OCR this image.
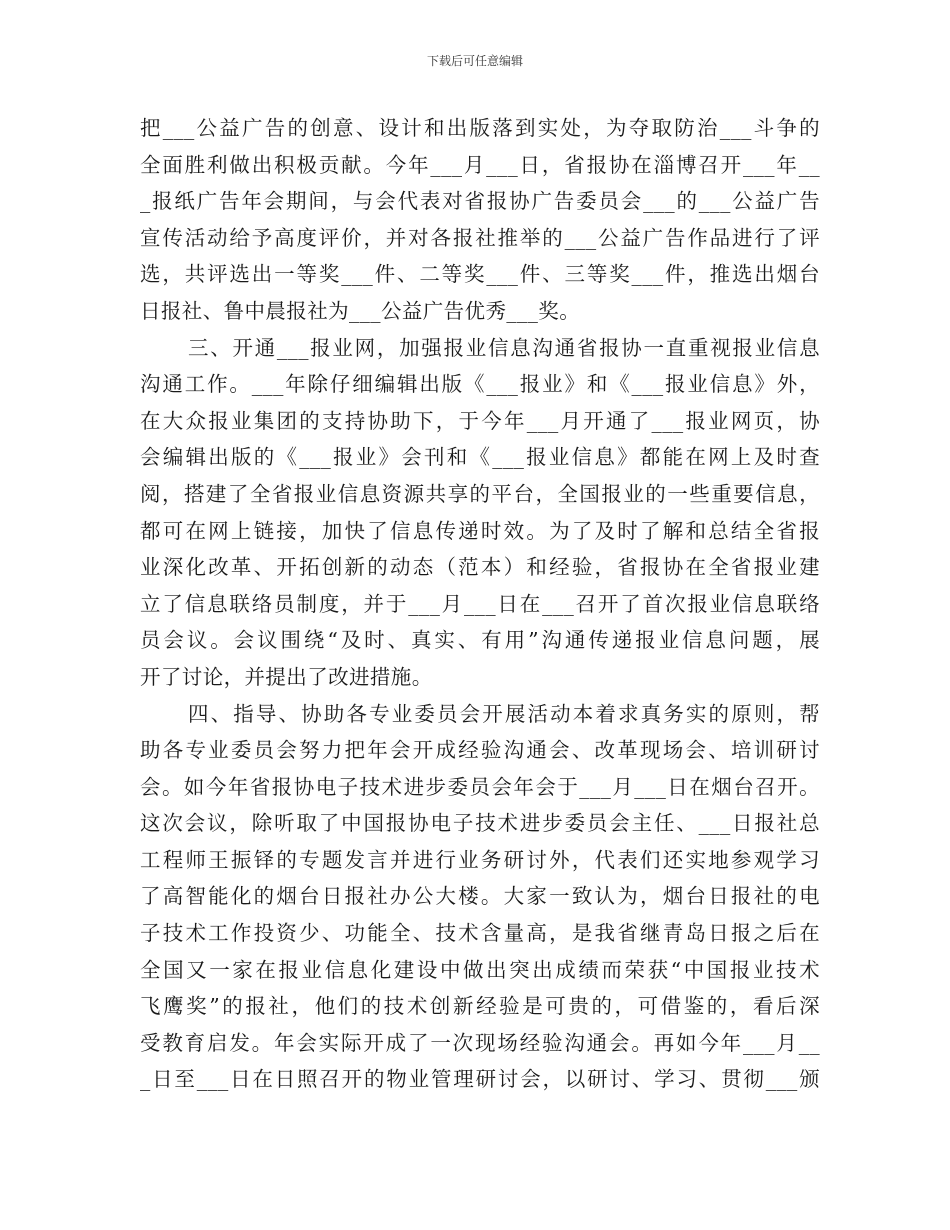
下载后可任意编辑
把___公益广告的创意、设计和出版落到实处，为夺取防治___斗争的
全面胜利做出积极贡献。今年___月___日，省报协在淄博召开___年__
_报纸广告年会期间，与会代表对省报协广告委员会___的___公益广告
宣传活动给予高度评价，并对各报社推举的___公益广告作品进行了评
选，共评选出一等奖___件、二等奖___件、三等奖___件，推选出烟台
日报社、鲁中晨报社为___公益广告优秀___奖。
三、开通___报业网，加强报业信息沟通省报协一直重视报业信息
沟通工作。___年除仔细编辑出版《___报业》和《___报业信息》外，
在大众报业集团的支持协助下，于今年___月开通了___报业网页，协
会编辑出版的《___报业》会刊和《___报业信息》都能在网上及时查
阅，搭建了全省报业信息资源共享的平台，全国报业的一些重要信息，
都可在网上链接，加快了信息传递时效。为了及时了解和总结全省报
业深化改革、开拓创新的动态（范本）和经验，省报协在全省报业建
立了信息联络员制度，并于___月___日在___召开了首次报业信息联络
员会议。会议围绕“及时、真实、有用”沟通传递报业信息问题，展
开了讨论，并提出了改进措施。
四、指导、协助各专业委员会开展活动本着求真务实的原则，帮
助各专业委员会努力把年会开成经验沟通会、改革现场会、培训研讨
会。如今年省报协电子技术进步委员会年会于___月___日在烟台召开。
这次会议，除听取了中国报协电子技术进步委员会主任、___日报社总
工程师王振铎的专题发言并进行业务研讨外，代表们还实地参观学习
了高智能化的烟台日报社办公大楼。大家一致认为，烟台日报社的电
子技术工作投资少、功能全、技术含量高，是我省继青岛日报之后在
全国又一家在报业信息化建设中做出突出成绩而荣获“中国报业技术
飞鹰奖”的报社，他们的技术创新经验是可贵的，可借鉴的，看后深
受教育启发。年会实际开成了一次现场经验沟通会。再如今年___月__
_日至___日在日照召开的物业管理研讨会，以研讨、学习、贯彻___颁
